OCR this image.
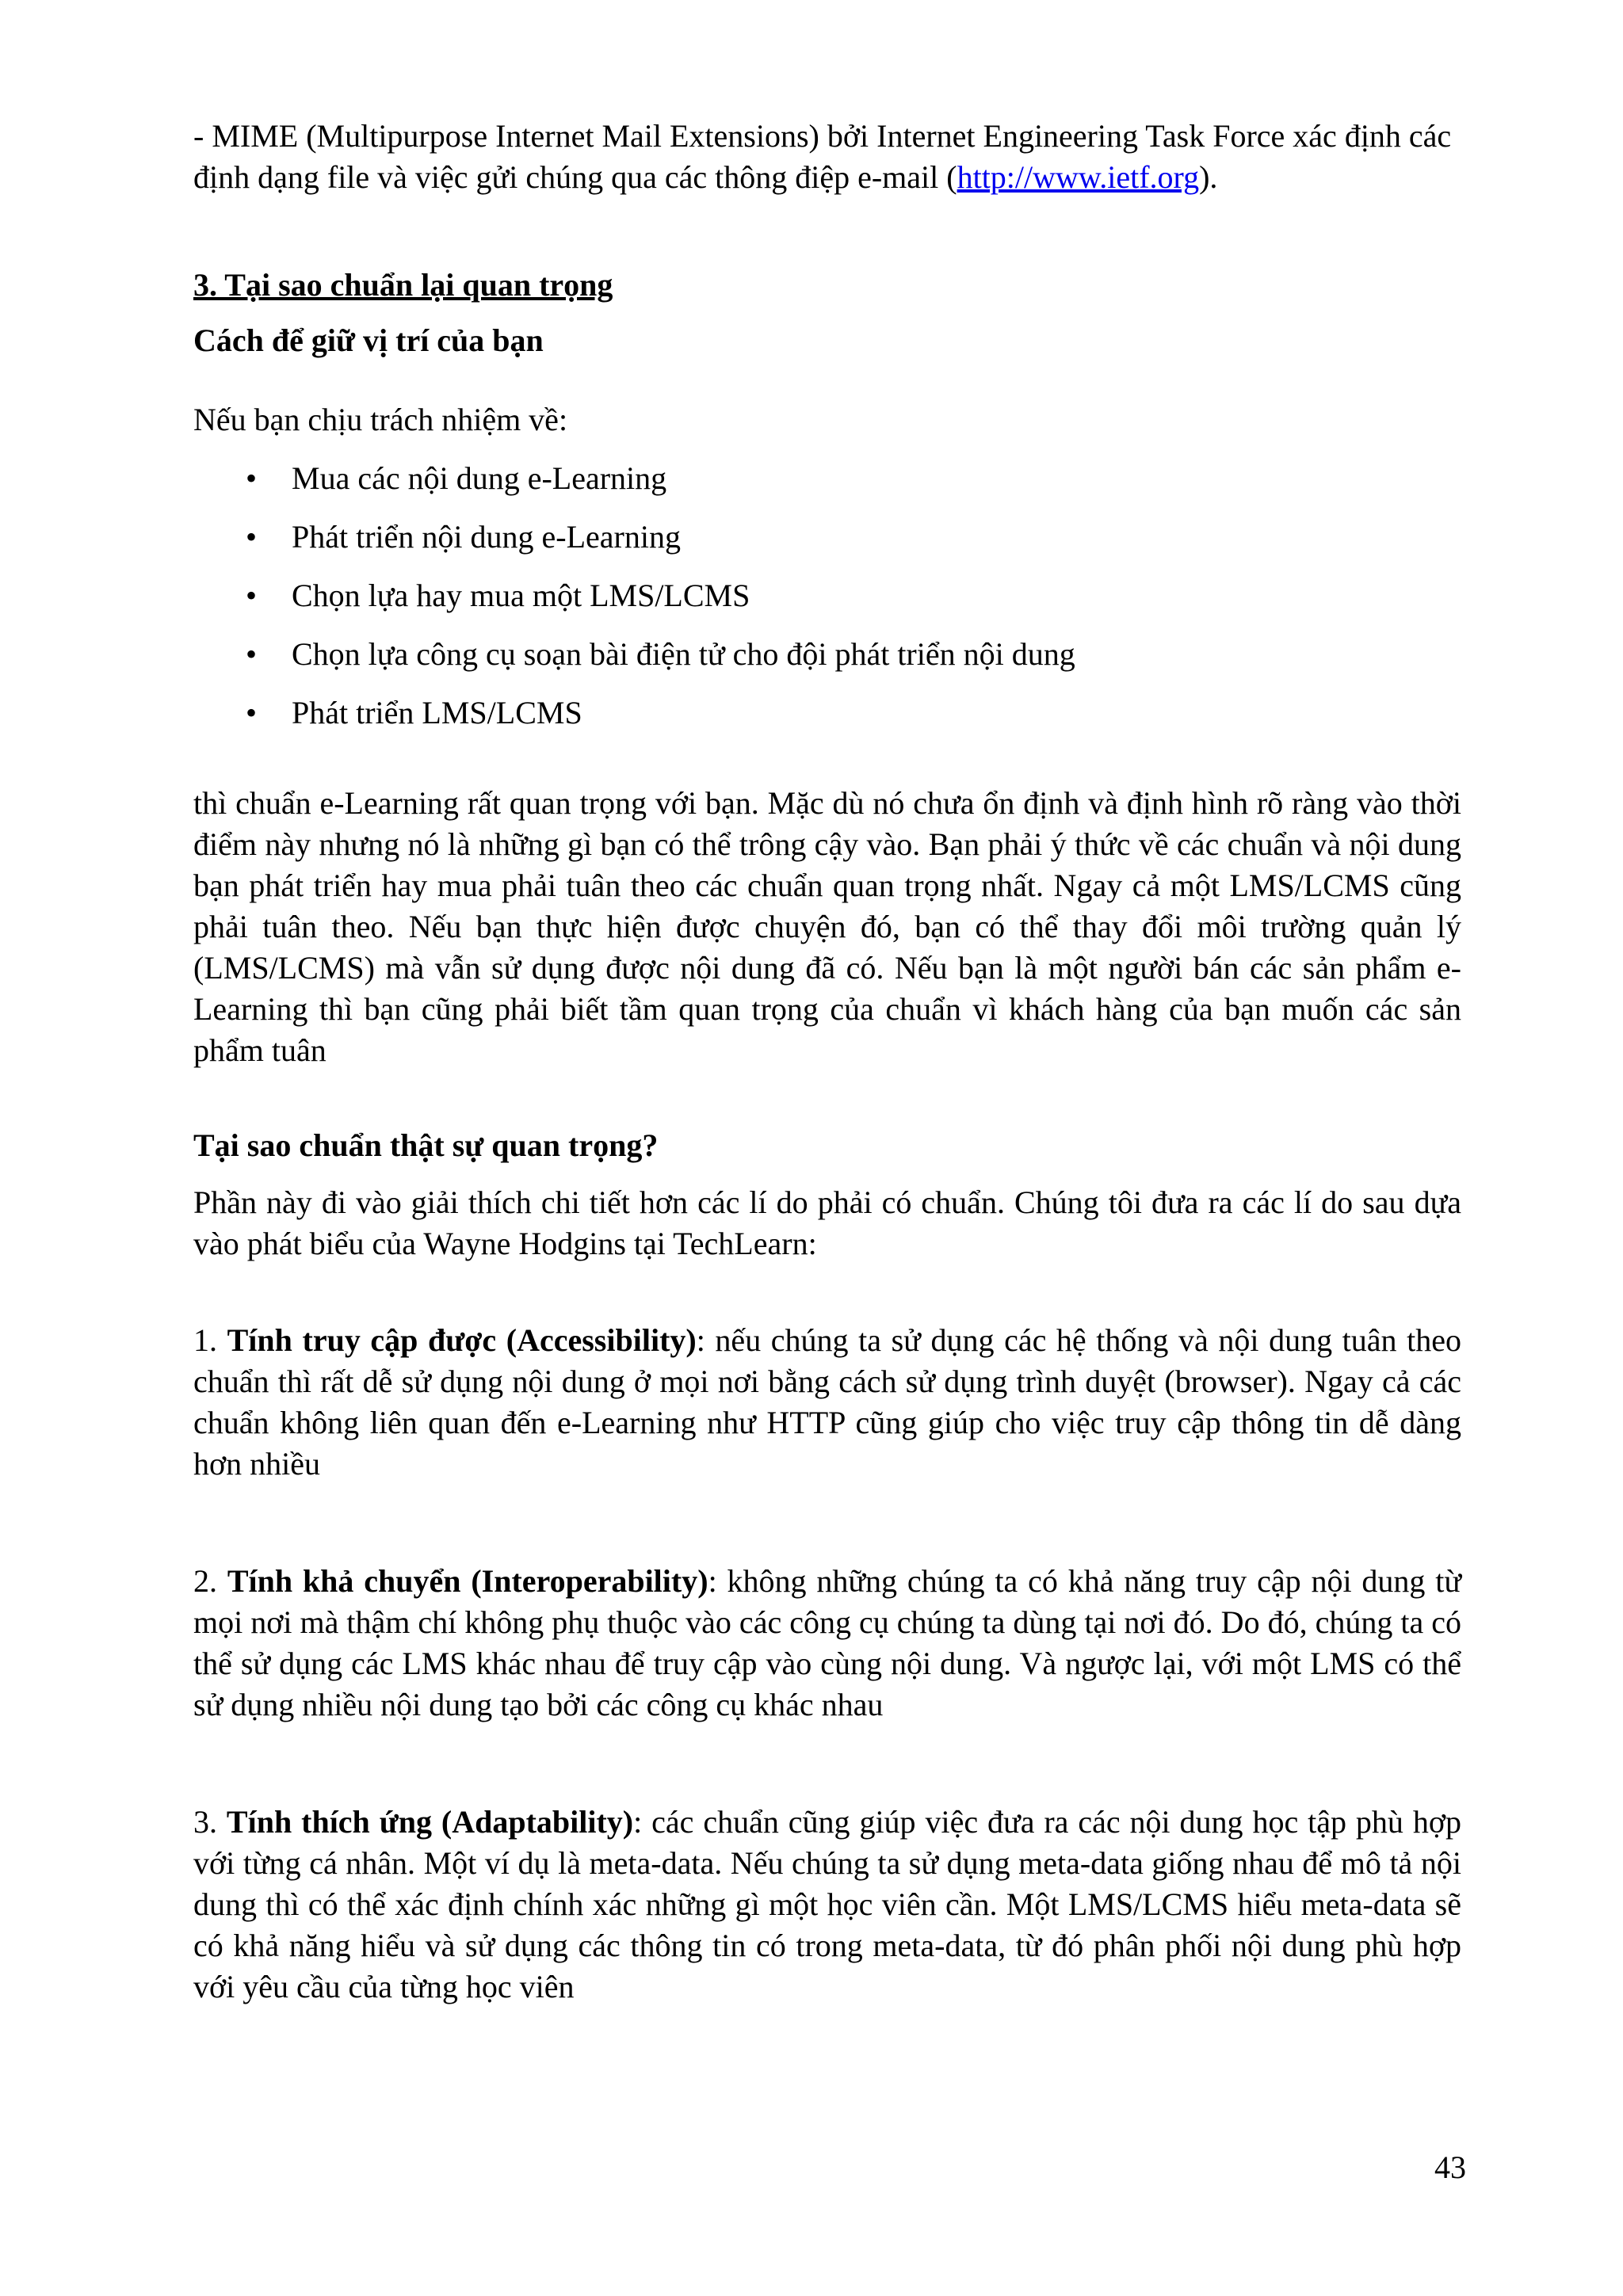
- MIME (Multipurpose Internet Mail Extensions) bởi Internet Engineering Task Force xác định các định dạng file và việc gửi chúng qua các thông điệp e-mail (http://www.ietf.org).

3. Tại sao chuẩn lại quan trọng

Cách để giữ vị trí của bạn

Nếu bạn chịu trách nhiệm về:

• Mua các nội dung e-Learning
• Phát triển nội dung e-Learning
• Chọn lựa hay mua một LMS/LCMS
• Chọn lựa công cụ soạn bài điện tử cho đội phát triển nội dung
• Phát triển LMS/LCMS

thì chuẩn e-Learning rất quan trọng với bạn. Mặc dù nó chưa ổn định và định hình rõ ràng vào thời điểm này nhưng nó là những gì bạn có thể trông cậy vào. Bạn phải ý thức về các chuẩn và nội dung bạn phát triển hay mua phải tuân theo các chuẩn quan trọng nhất. Ngay cả một LMS/LCMS cũng phải tuân theo. Nếu bạn thực hiện được chuyện đó, bạn có thể thay đổi môi trường quản lý (LMS/LCMS) mà vẫn sử dụng được nội dung đã có. Nếu bạn là một người bán các sản phẩm e-Learning thì bạn cũng phải biết tầm quan trọng của chuẩn vì khách hàng của bạn muốn các sản phẩm tuân

Tại sao chuẩn thật sự quan trọng?

Phần này đi vào giải thích chi tiết hơn các lí do phải có chuẩn. Chúng tôi đưa ra các lí do sau dựa vào phát biểu của Wayne Hodgins tại TechLearn:

1. Tính truy cập được (Accessibility): nếu chúng ta sử dụng các hệ thống và nội dung tuân theo chuẩn thì rất dễ sử dụng nội dung ở mọi nơi bằng cách sử dụng trình duyệt (browser). Ngay cả các chuẩn không liên quan đến e-Learning như HTTP cũng giúp cho việc truy cập thông tin dễ dàng hơn nhiều

2. Tính khả chuyển (Interoperability): không những chúng ta có khả năng truy cập nội dung từ mọi nơi mà thậm chí không phụ thuộc vào các công cụ chúng ta dùng tại nơi đó. Do đó, chúng ta có thể sử dụng các LMS khác nhau để truy cập vào cùng nội dung. Và ngược lại, với một LMS có thể sử dụng nhiều nội dung tạo bởi các công cụ khác nhau

3. Tính thích ứng (Adaptability): các chuẩn cũng giúp việc đưa ra các nội dung học tập phù hợp với từng cá nhân. Một ví dụ là meta-data. Nếu chúng ta sử dụng meta-data giống nhau để mô tả nội dung thì có thể xác định chính xác những gì một học viên cần. Một LMS/LCMS hiểu meta-data sẽ có khả năng hiểu và sử dụng các thông tin có trong meta-data, từ đó phân phối nội dung phù hợp với yêu cầu của từng học viên

43
